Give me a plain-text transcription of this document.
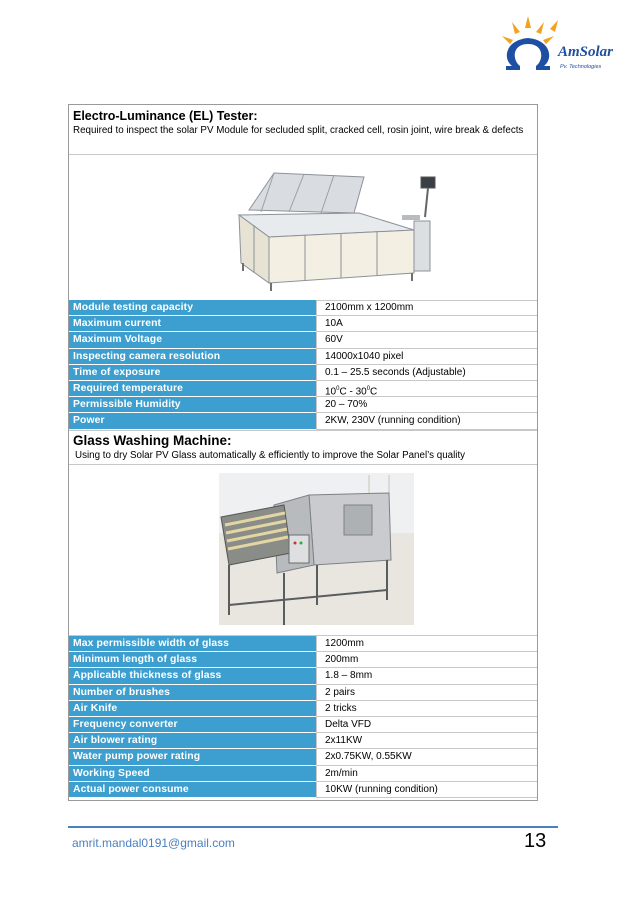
AmSolar
Pv. Technologies
Electro-Luminance (EL) Tester:
Required to inspect the solar PV Module for secluded split, cracked cell, rosin joint, wire break & defects
Module testing capacity	2100mm x 1200mm
Maximum current	10A
Maximum Voltage	60V
Inspecting camera resolution	14000x1040 pixel
Time of exposure	0.1 – 25.5 seconds (Adjustable)
Required temperature	$10^0C - 30^0C$
Permissible Humidity	20 – 70%
Power	2KW, 230V (running condition)
Glass Washing Machine:
Using to dry Solar PV Glass automatically & efficiently to improve the Solar Panel’s quality
Max permissible width of glass	1200mm
Minimum length of glass	200mm
Applicable thickness of glass	1.8 – 8mm
Number of brushes	2 pairs
Air Knife	2 tricks
Frequency converter	Delta VFD
Air blower rating	2x11KW
Water pump power rating	2x0.75KW, 0.55KW
Working Speed	2m/min
Actual power consume	10KW (running condition)
amrit.mandal0191@gmail.com	13
